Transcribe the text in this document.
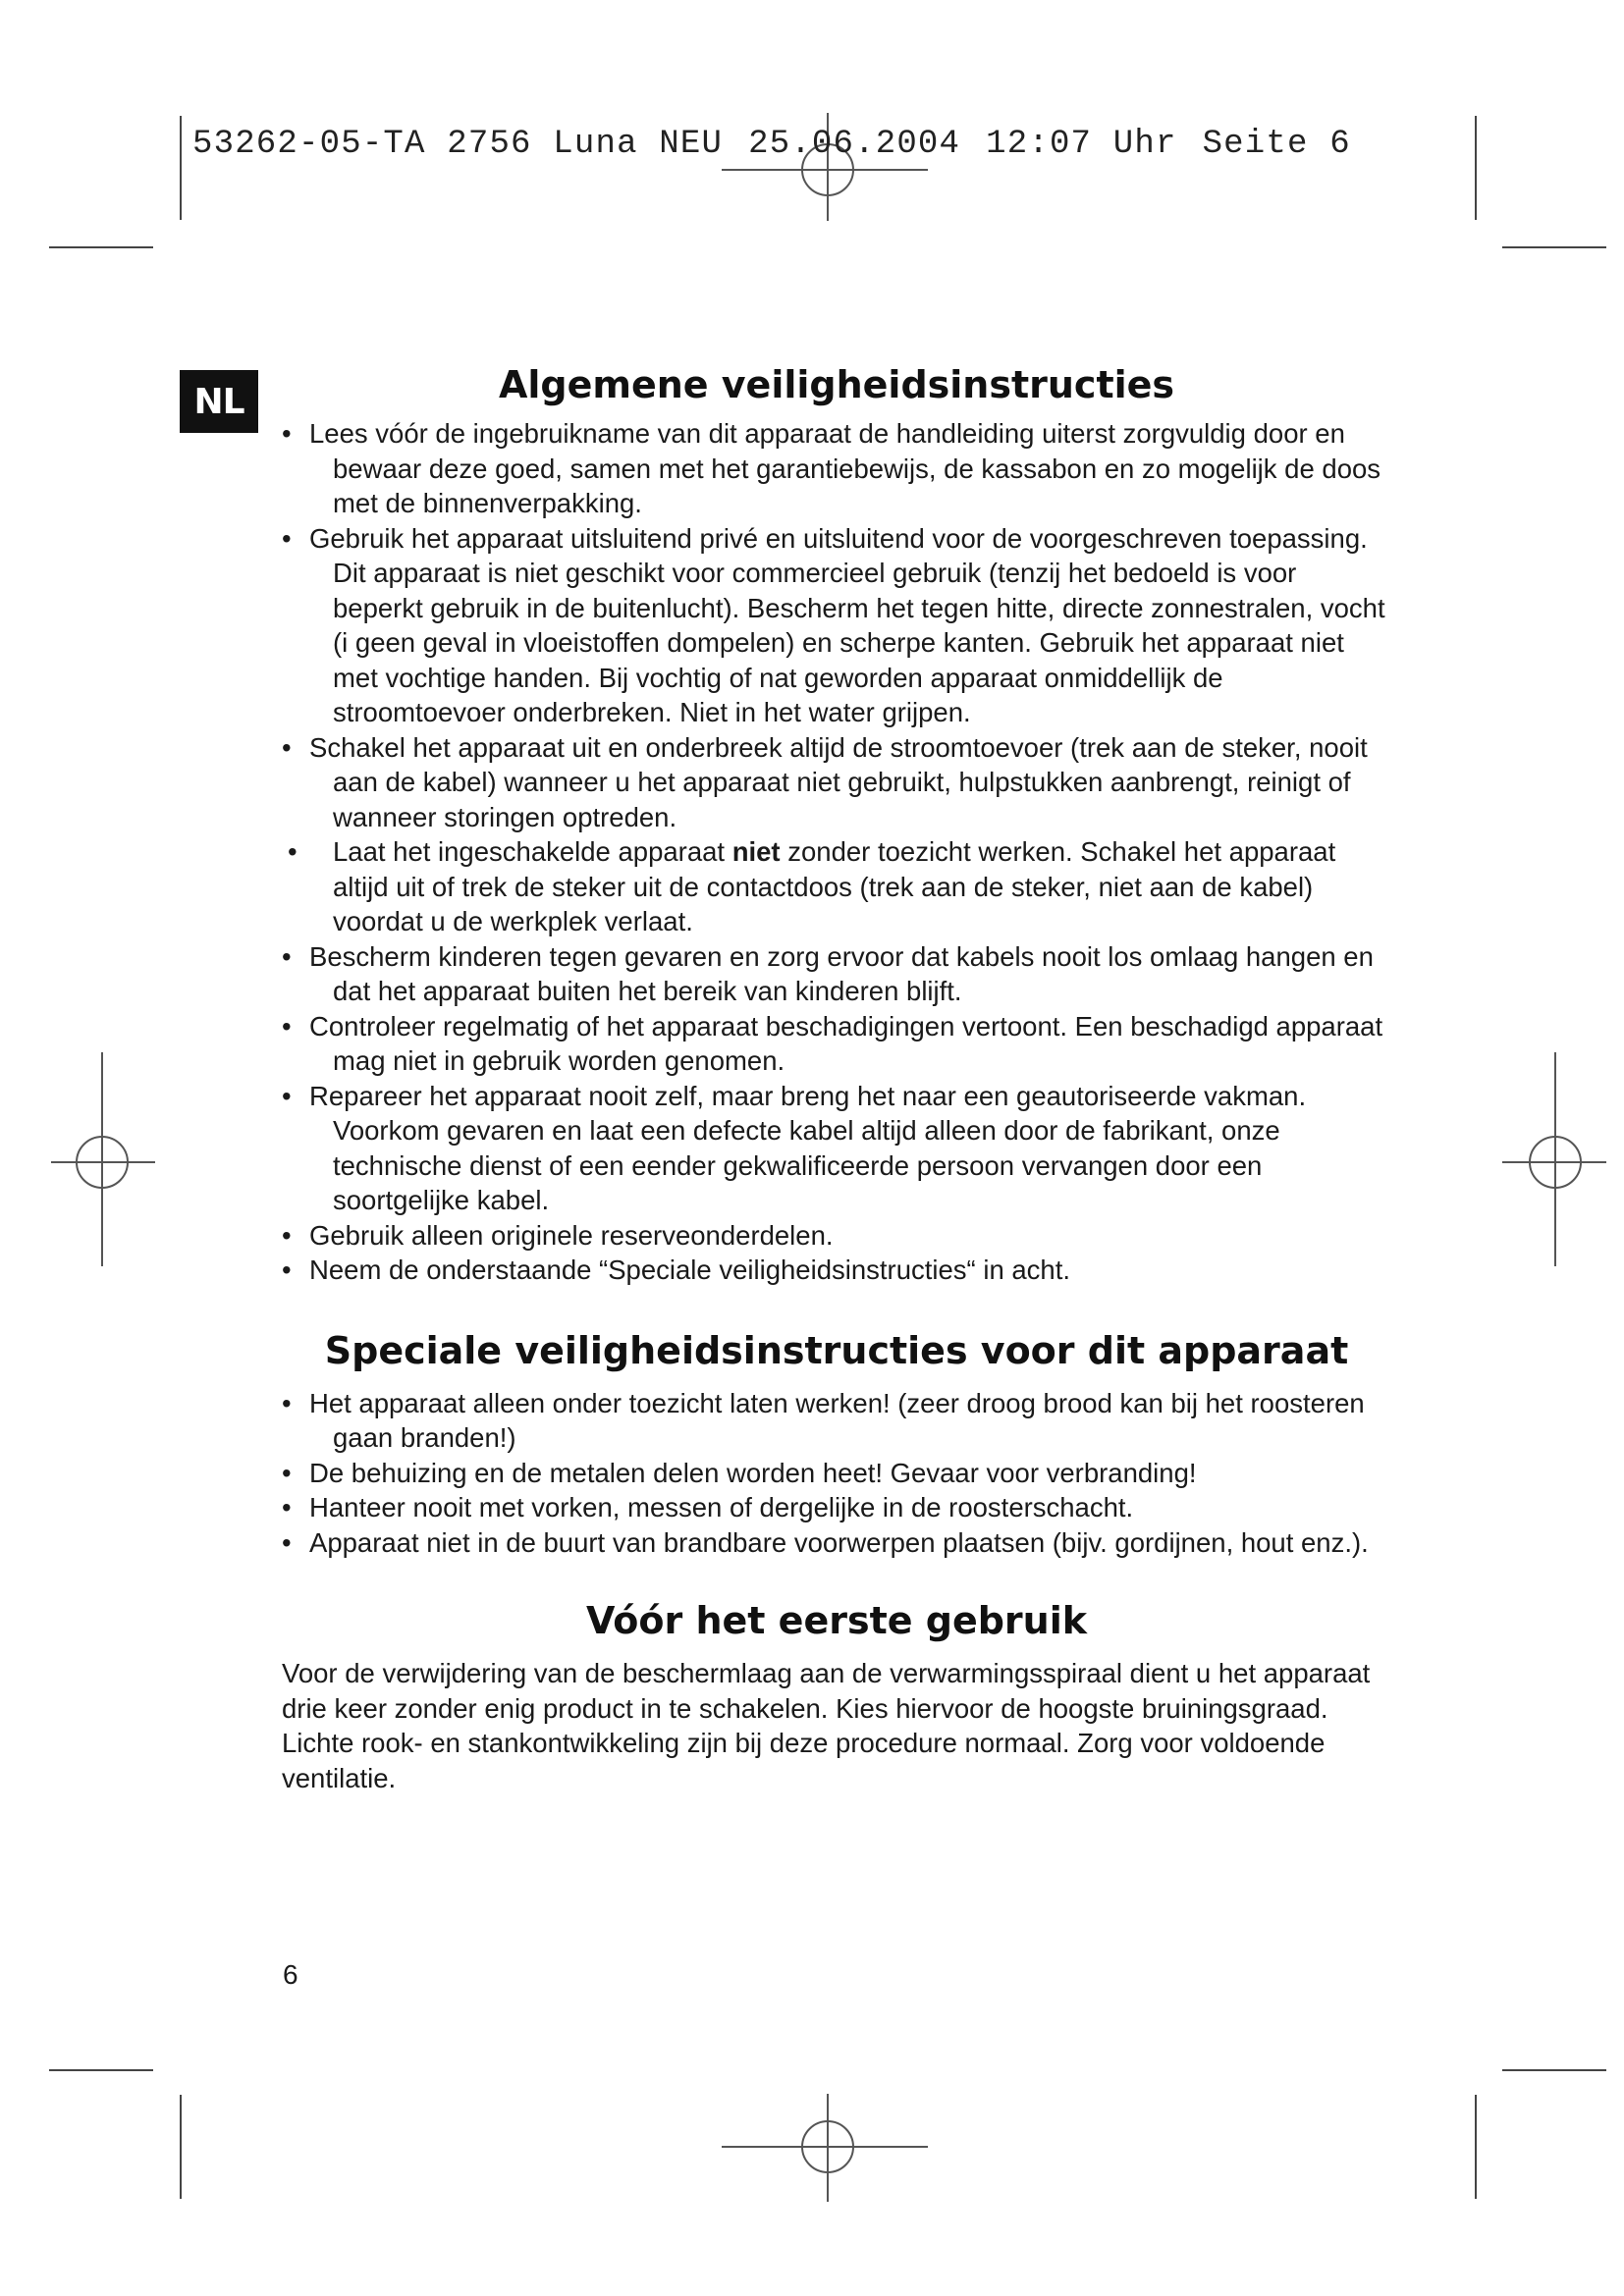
53262-05-TA 2756 Luna NEU 25.06.2004 12:07 Uhr Seite 6
NL	Algemene veiligheidsinstructies
• Lees vóór de ingebruikname van dit apparaat de handleiding uiterst zorgvuldig door en bewaar deze goed, samen met het garantiebewijs, de kassabon en zo mogelijk de doos met de binnenverpakking.
• Gebruik het apparaat uitsluitend privé en uitsluitend voor de voorgeschreven toepassing. Dit apparaat is niet geschikt voor commercieel gebruik (tenzij het bedoeld is voor beperkt gebruik in de buitenlucht). Bescherm het tegen hitte, directe zonnestralen, vocht (i geen geval in vloeistoffen dompelen) en scherpe kanten. Gebruik het apparaat niet met vochtige handen. Bij vochtig of nat geworden apparaat onmiddellijk de stroomtoevoer onderbreken. Niet in het water grijpen.
• Schakel het apparaat uit en onderbreek altijd de stroomtoevoer (trek aan de steker, nooit aan de kabel) wanneer u het apparaat niet gebruikt, hulpstukken aanbrengt, reinigt of wanneer storingen optreden.
• Laat het ingeschakelde apparaat niet zonder toezicht werken. Schakel het apparaat altijd uit of trek de steker uit de contactdoos (trek aan de steker, niet aan de kabel) voordat u de werkplek verlaat.
• Bescherm kinderen tegen gevaren en zorg ervoor dat kabels nooit los omlaag hangen en dat het apparaat buiten het bereik van kinderen blijft.
• Controleer regelmatig of het apparaat beschadigingen vertoont. Een beschadigd apparaat mag niet in gebruik worden genomen.
• Repareer het apparaat nooit zelf, maar breng het naar een geautoriseerde vakman. Voorkom gevaren en laat een defecte kabel altijd alleen door de fabrikant, onze technische dienst of een eender gekwalificeerde persoon vervangen door een soortgelijke kabel.
• Gebruik alleen originele reserveonderdelen.
• Neem de onderstaande “Speciale veiligheidsinstructies“ in acht.
Speciale veiligheidsinstructies voor dit apparaat
• Het apparaat alleen onder toezicht laten werken! (zeer droog brood kan bij het roosteren gaan branden!)
• De behuizing en de metalen delen worden heet! Gevaar voor verbranding!
• Hanteer nooit met vorken, messen of dergelijke in de roosterschacht.
• Apparaat niet in de buurt van brandbare voorwerpen plaatsen (bijv. gordijnen, hout enz.).
Vóór het eerste gebruik

Voor de verwijdering van de beschermlaag aan de verwarmingsspiraal dient u het apparaat drie keer zonder enig product in te schakelen. Kies hiervoor de hoogste bruiningsgraad. Lichte rook- en stankontwikkeling zijn bij deze procedure normaal. Zorg voor voldoende ventilatie.

6
